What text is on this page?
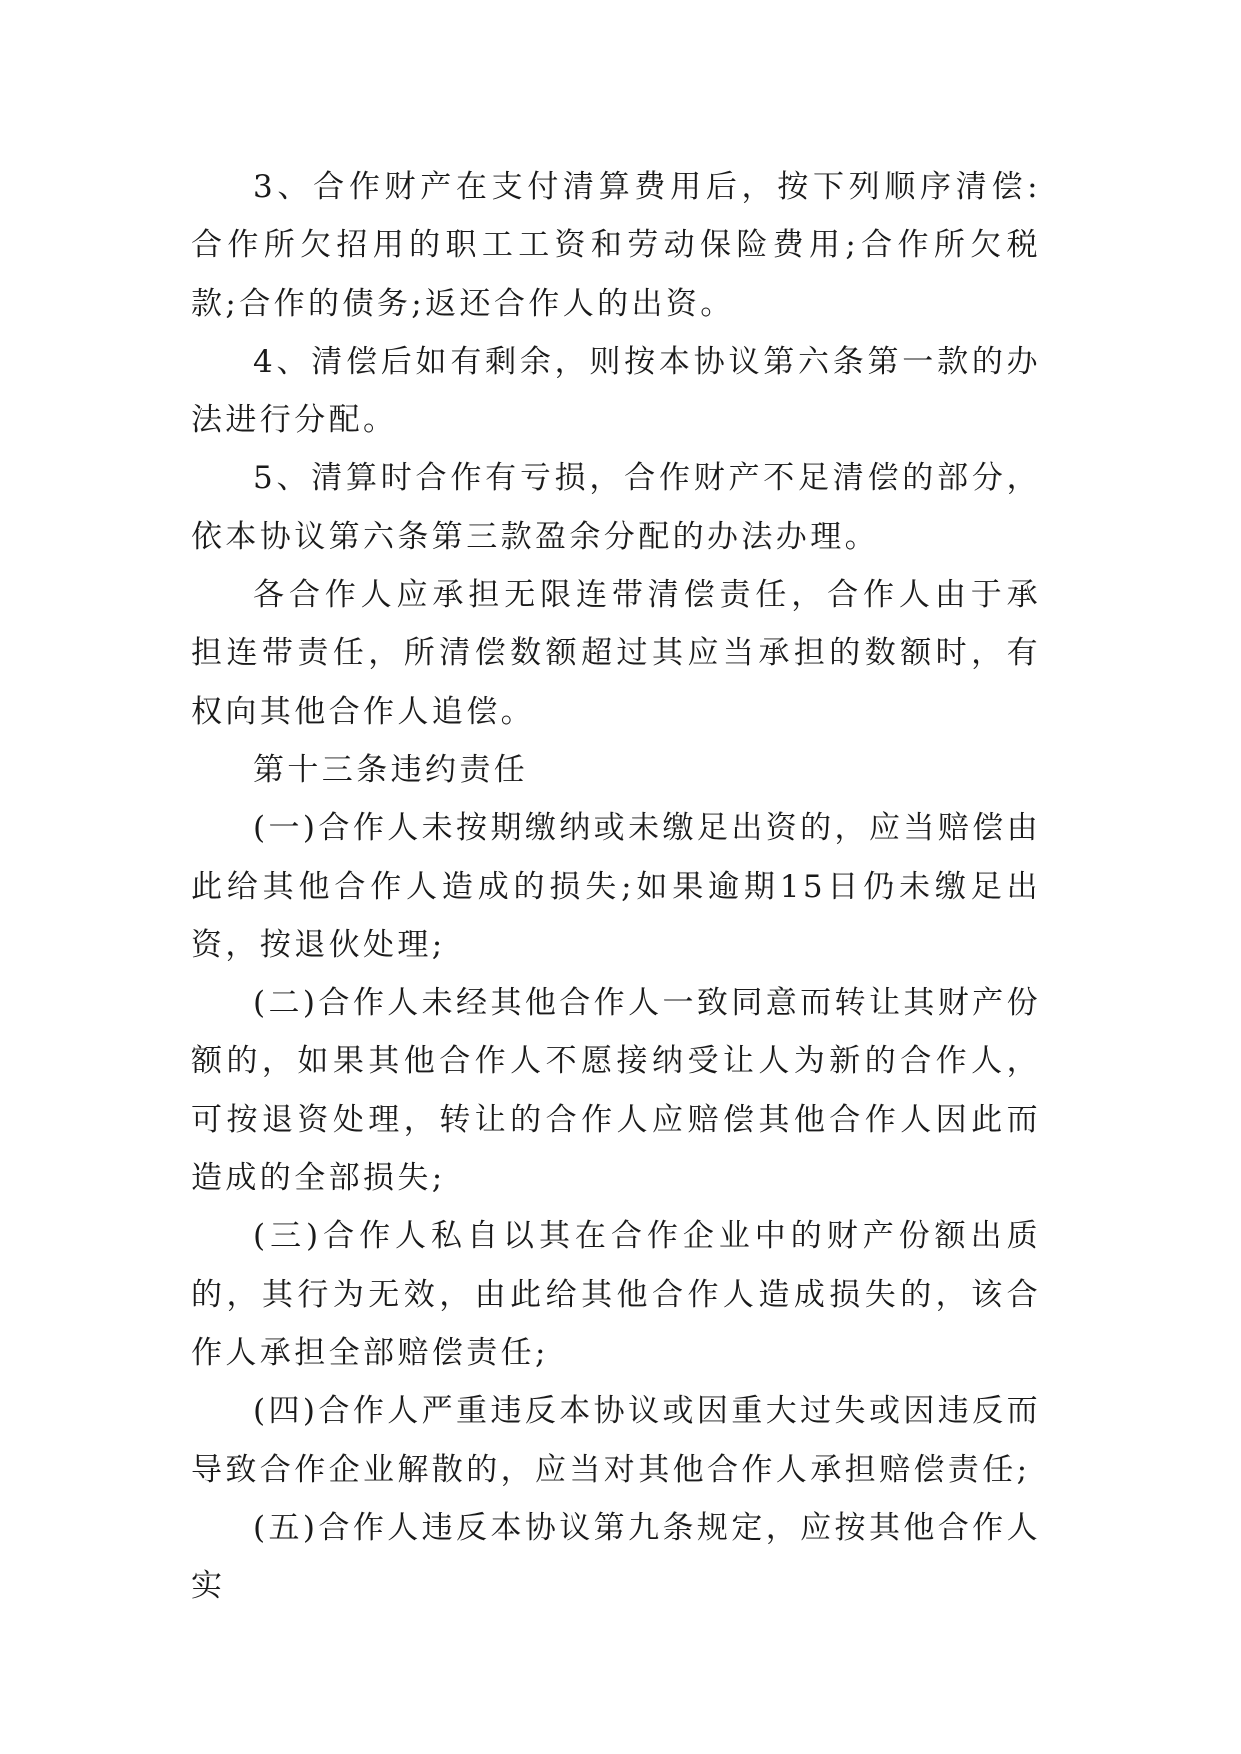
3、合作财产在支付清算费用后，按下列顺序清偿:合作所欠招用的职工工资和劳动保险费用;合作所欠税款;合作的债务;返还合作人的出资。

4、清偿后如有剩余，则按本协议第六条第一款的办法进行分配。

5、清算时合作有亏损，合作财产不足清偿的部分，依本协议第六条第三款盈余分配的办法办理。

各合作人应承担无限连带清偿责任，合作人由于承担连带责任，所清偿数额超过其应当承担的数额时，有权向其他合作人追偿。

第十三条违约责任

(一)合作人未按期缴纳或未缴足出资的，应当赔偿由此给其他合作人造成的损失;如果逾期15日仍未缴足出资，按退伙处理;

(二)合作人未经其他合作人一致同意而转让其财产份额的，如果其他合作人不愿接纳受让人为新的合作人，可按退资处理，转让的合作人应赔偿其他合作人因此而造成的全部损失;

(三)合作人私自以其在合作企业中的财产份额出质的，其行为无效，由此给其他合作人造成损失的，该合作人承担全部赔偿责任;

(四)合作人严重违反本协议或因重大过失或因违反而导致合作企业解散的，应当对其他合作人承担赔偿责任;

(五)合作人违反本协议第九条规定，应按其他合作人实
